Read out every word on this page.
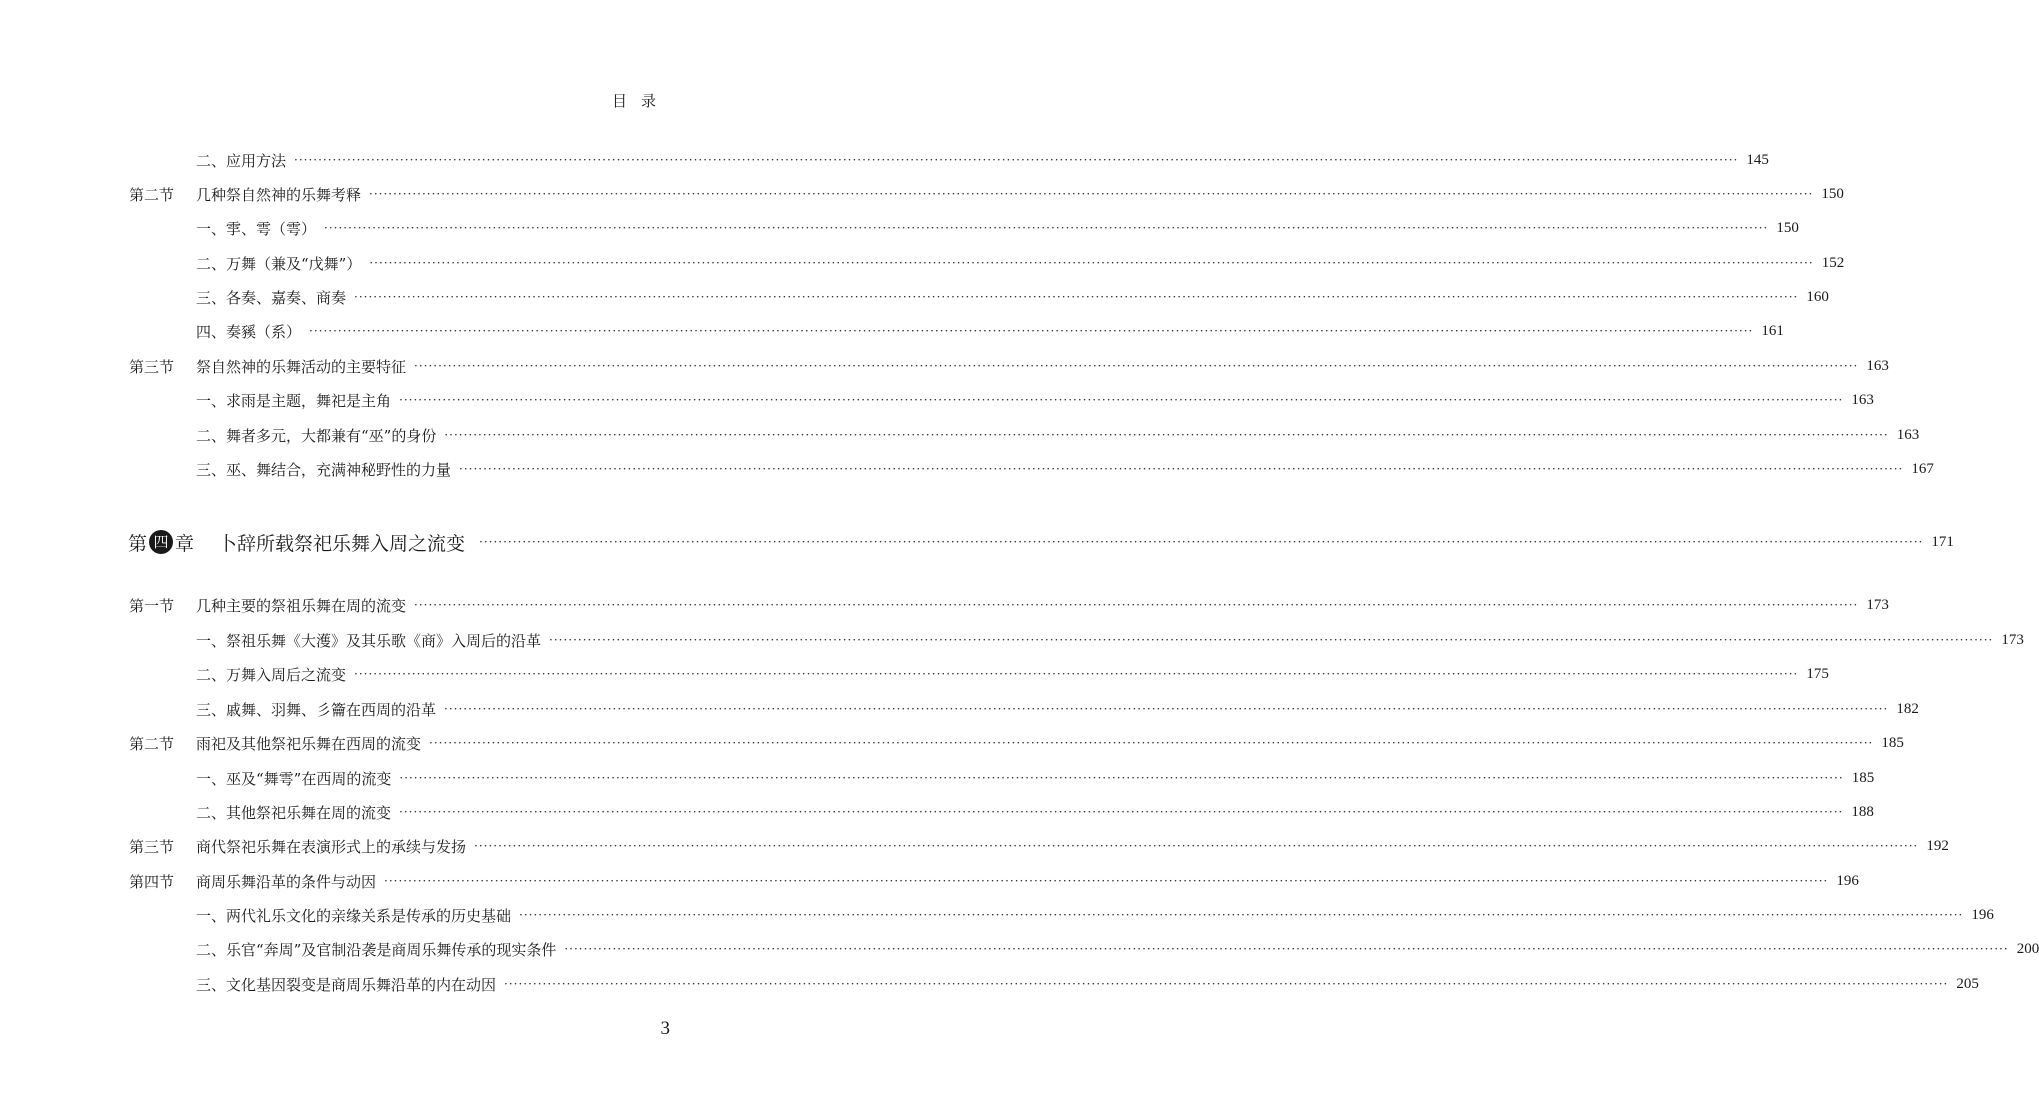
目录
二、应用方法 ············································································································································································································································································································ 145
第二节	几种祭自然神的乐舞考释 ············································································································································································································································································································ 150
一、𩁹、雩（雩） ············································································································································································································································································································ 150
二、万舞（兼及“戊舞”） ············································································································································································································································································································ 152
三、各奏、嘉奏、商奏 ············································································································································································································································································································ 160
四、奏豯（系） ············································································································································································································································································································ 161
第三节	祭自然神的乐舞活动的主要特征 ············································································································································································································································································································ 163
一、求雨是主题，舞祀是主角 ············································································································································································································································································································ 163
二、舞者多元，大都兼有“巫”的身份 ············································································································································································································································································································ 163
三、巫、舞结合，充满神秘野性的力量 ············································································································································································································································································································ 167
第 四 章 卜辞所载祭祀乐舞入周之流变 ············································································································································································································································································································ 171
第一节	几种主要的祭祖乐舞在周的流变 ············································································································································································································································································································ 173
一、祭祖乐舞《大濩》及其乐歌《商》入周后的沿革 ············································································································································································································································································································ 173
二、万舞入周后之流变 ············································································································································································································································································································ 175
三、戚舞、羽舞、彡籥在西周的沿革 ············································································································································································································································································································ 182
第二节	雨祀及其他祭祀乐舞在西周的流变 ············································································································································································································································································································ 185
一、巫及“舞雩”在西周的流变 ············································································································································································································································································································ 185
二、其他祭祀乐舞在周的流变 ············································································································································································································································································································ 188
第三节	商代祭祀乐舞在表演形式上的承续与发扬 ············································································································································································································································································································ 192
第四节	商周乐舞沿革的条件与动因 ············································································································································································································································································································ 196
一、两代礼乐文化的亲缘关系是传承的历史基础 ············································································································································································································································································································ 196
二、乐官“奔周”及官制沿袭是商周乐舞传承的现实条件 ············································································································································································································································································································ 200
三、文化基因裂变是商周乐舞沿革的内在动因 ············································································································································································································································································································ 205
3
